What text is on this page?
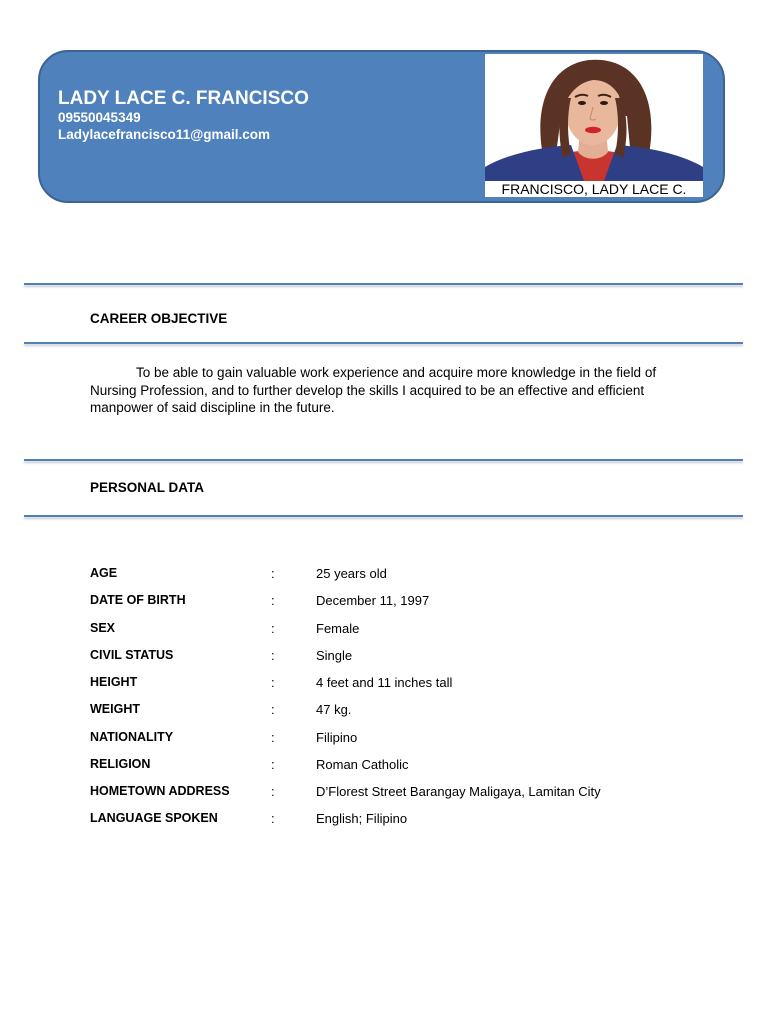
LADY LACE C. FRANCISCO
09550045349
Ladylacefrancisco11@gmail.com
FRANCISCO, LADY LACE C.
CAREER OBJECTIVE
To be able to gain valuable work experience and acquire more knowledge in the field of
Nursing Profession, and to further develop the skills I acquired to be an effective and efficient
manpower of said discipline in the future.
PERSONAL DATA
AGE	:	25 years old
DATE OF BIRTH	:	December 11, 1997
SEX	:	Female
CIVIL STATUS	:	Single
HEIGHT	:	4 feet and 11 inches tall
WEIGHT	:	47 kg.
NATIONALITY	:	Filipino
RELIGION	:	Roman Catholic
HOMETOWN ADDRESS	:	D’Florest Street Barangay Maligaya, Lamitan City
LANGUAGE SPOKEN	:	English; Filipino
